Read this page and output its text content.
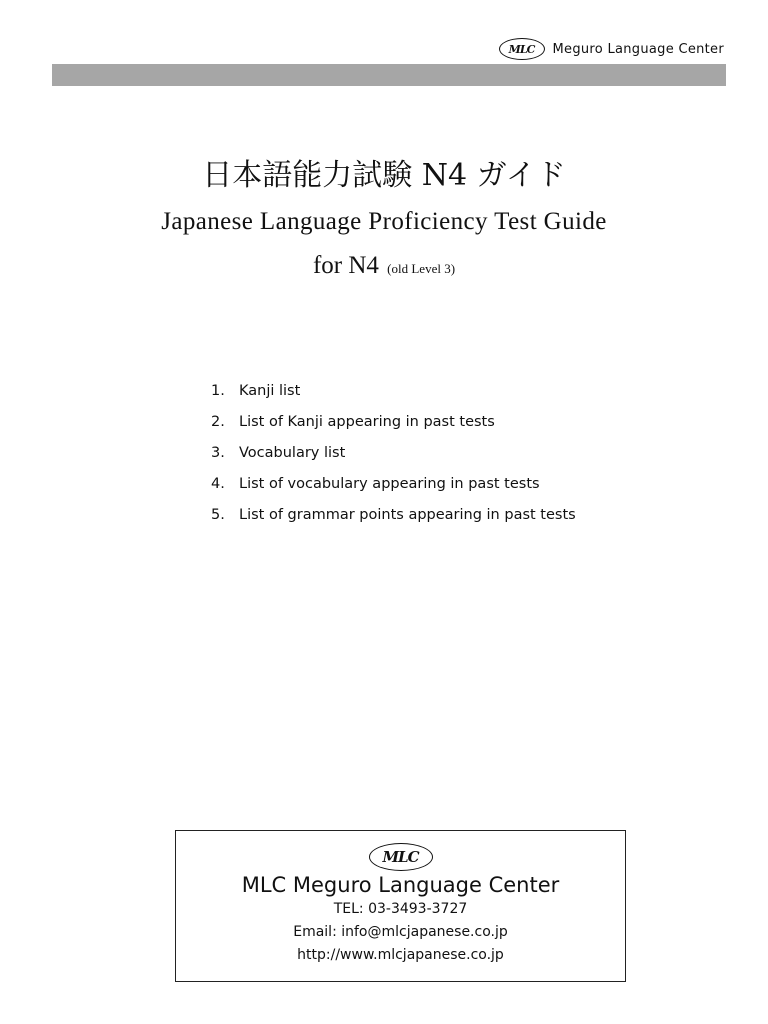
MLC	Meguro Language Center
日本語能力試験 N4 ガイド
Japanese Language Proficiency Test Guide
for N4 (old Level 3)
1. Kanji list
2. List of Kanji appearing in past tests
3. Vocabulary list
4. List of vocabulary appearing in past tests
5. List of grammar points appearing in past tests
MLC
MLC Meguro Language Center
TEL: 03-3493-3727
Email: info@mlcjapanese.co.jp
http://www.mlcjapanese.co.jp
